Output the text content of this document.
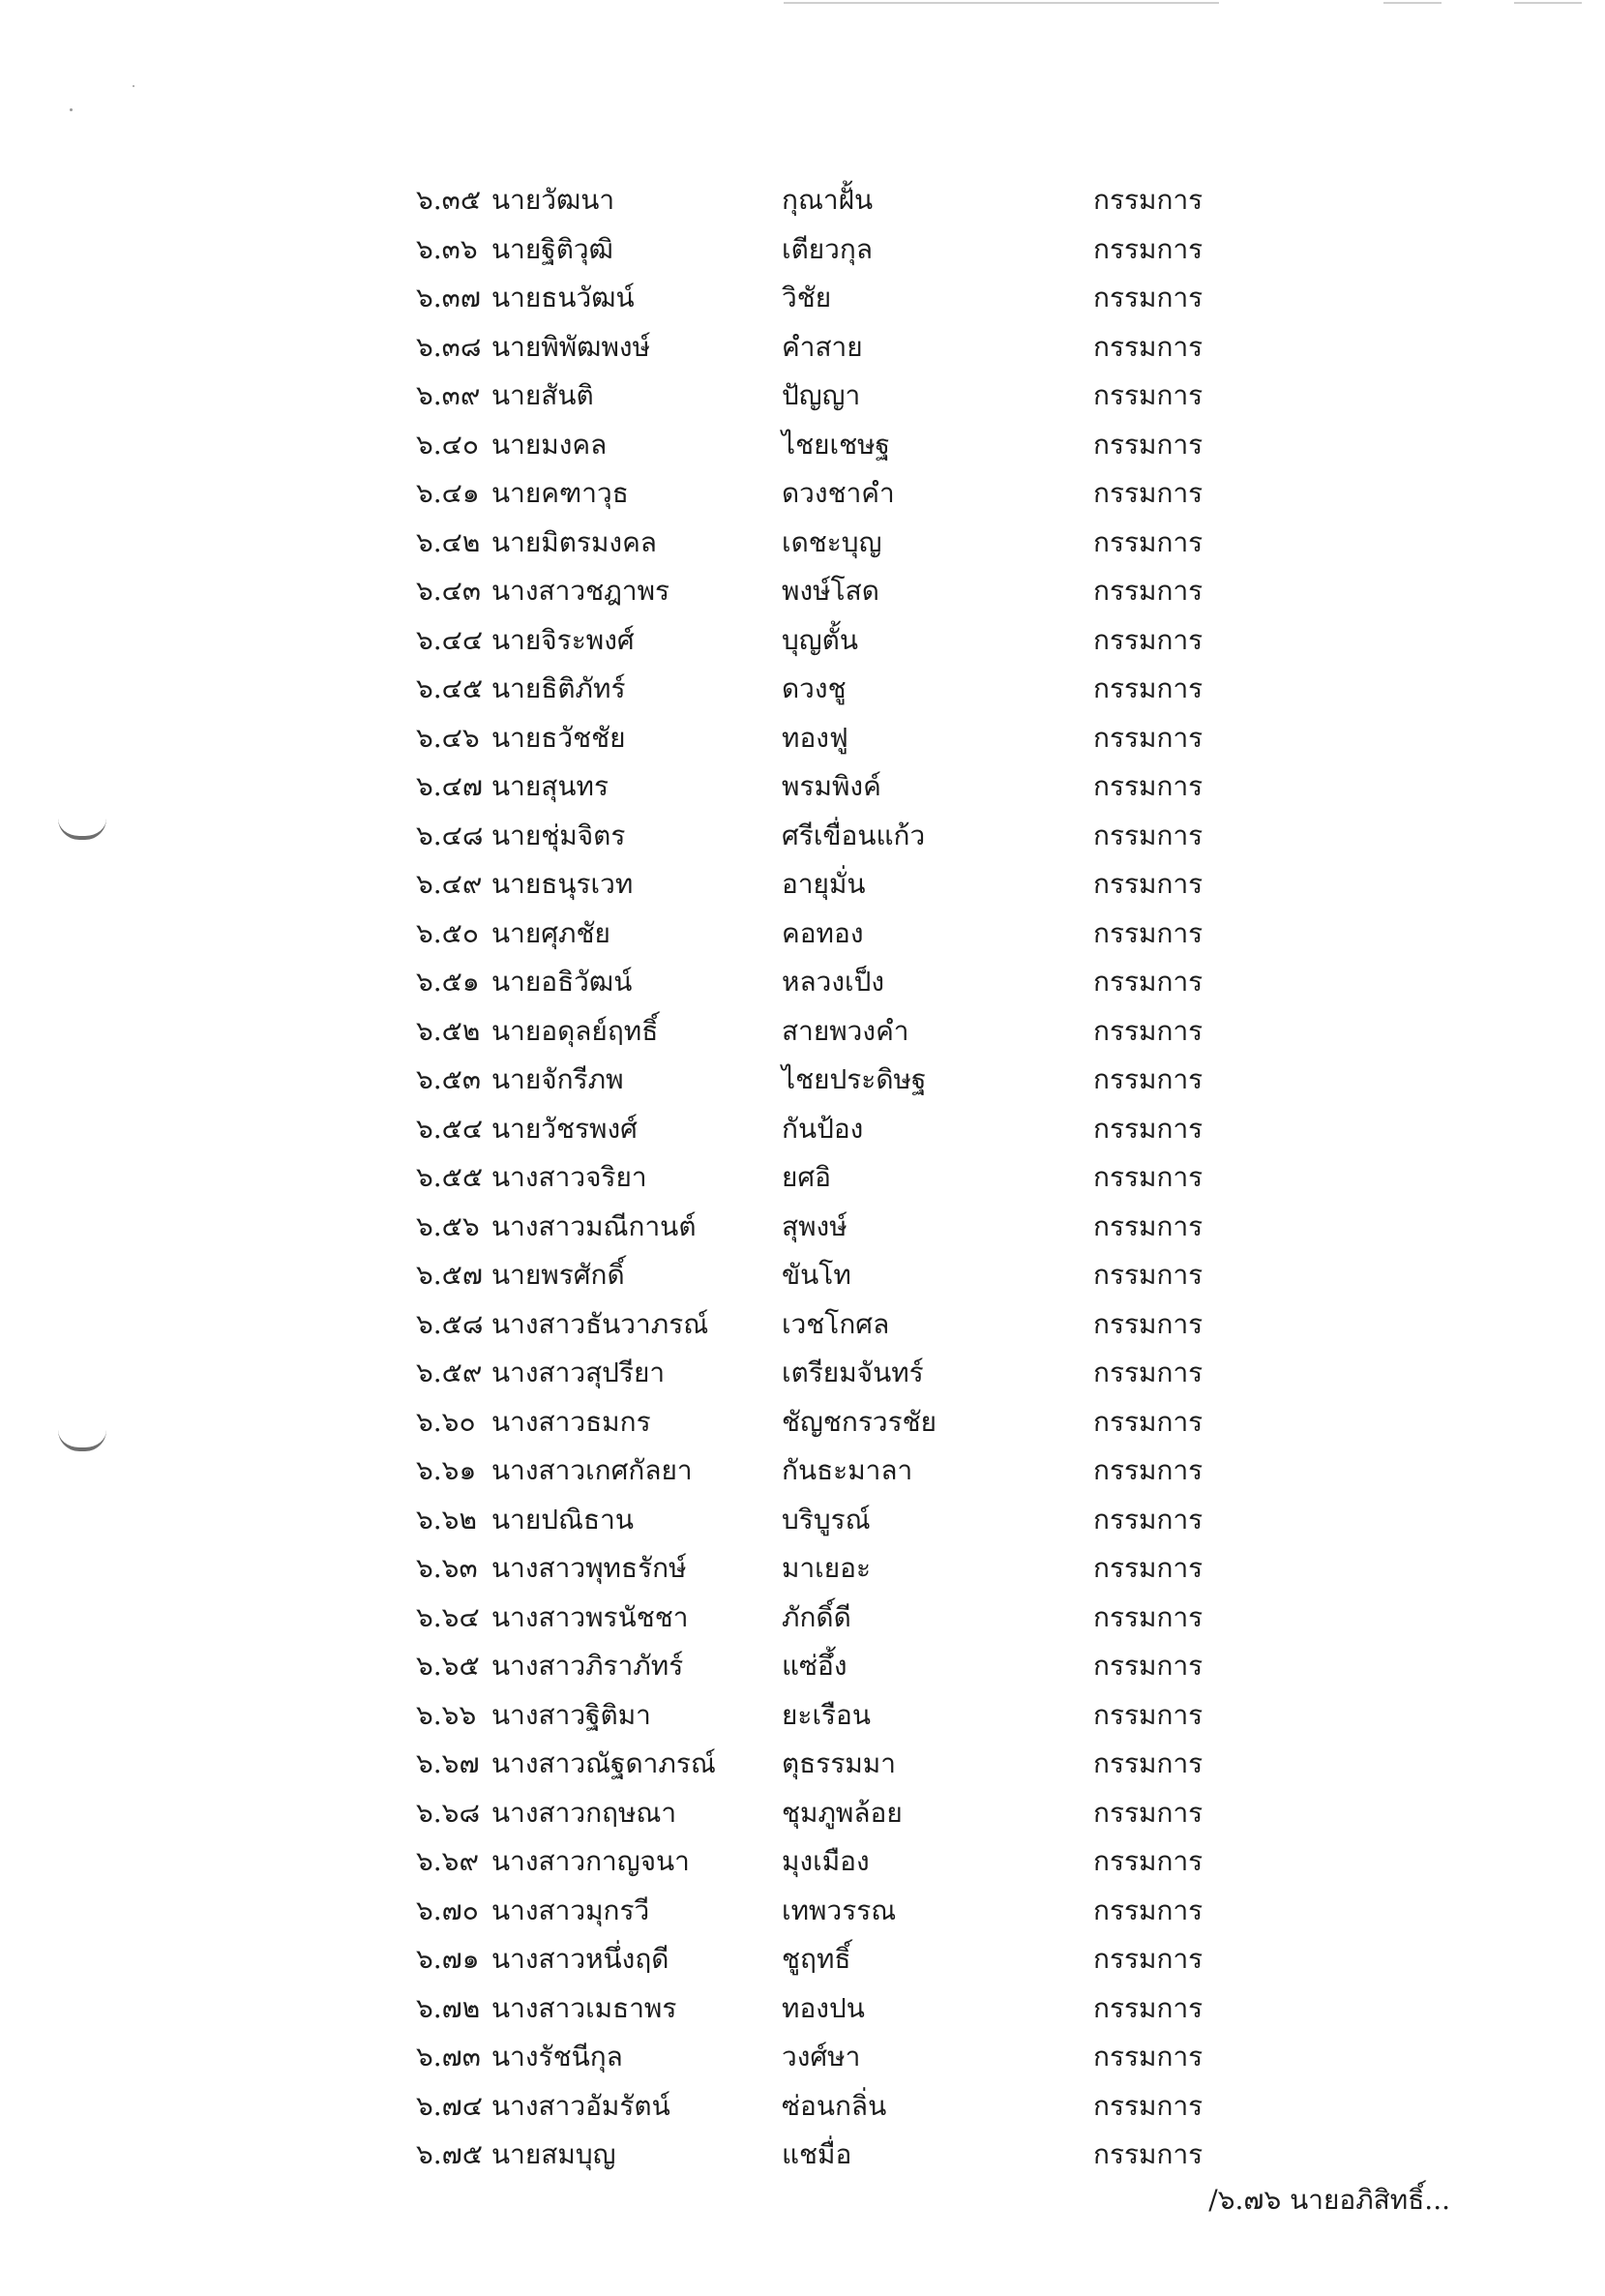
๖.๓๕ นายวัฒนา	กุณาฝั้น	กรรมการ
๖.๓๖ นายฐิติวุฒิ	เตียวกุล	กรรมการ
๖.๓๗ นายธนวัฒน์	วิชัย	กรรมการ
๖.๓๘ นายพิพัฒพงษ์	คำสาย	กรรมการ
๖.๓๙ นายสันติ	ปัญญา	กรรมการ
๖.๔๐ นายมงคล	ไชยเชษฐ	กรรมการ
๖.๔๑ นายคฑาวุธ	ดวงชาคำ	กรรมการ
๖.๔๒ นายมิตรมงคล	เดชะบุญ	กรรมการ
๖.๔๓ นางสาวชฎาพร	พงษ์โสด	กรรมการ
๖.๔๔ นายจิระพงศ์	บุญตั้น	กรรมการ
๖.๔๕ นายธิติภัทร์	ดวงชู	กรรมการ
๖.๔๖ นายธวัชชัย	ทองฟู	กรรมการ
๖.๔๗ นายสุนทร	พรมพิงค์	กรรมการ
๖.๔๘ นายชุ่มจิตร	ศรีเขื่อนแก้ว	กรรมการ
๖.๔๙ นายธนุรเวท	อายุมั่น	กรรมการ
๖.๕๐ นายศุภชัย	คอทอง	กรรมการ
๖.๕๑ นายอธิวัฒน์	หลวงเป็ง	กรรมการ
๖.๕๒ นายอดุลย์ฤทธิ์	สายพวงคำ	กรรมการ
๖.๕๓ นายจักรีภพ	ไชยประดิษฐ	กรรมการ
๖.๕๔ นายวัชรพงศ์	กันป้อง	กรรมการ
๖.๕๕ นางสาวจริยา	ยศอิ	กรรมการ
๖.๕๖ นางสาวมณีกานต์	สุพงษ์	กรรมการ
๖.๕๗ นายพรศักดิ์	ขันโท	กรรมการ
๖.๕๘ นางสาวธันวาภรณ์	เวชโกศล	กรรมการ
๖.๕๙ นางสาวสุปรียา	เตรียมจันทร์	กรรมการ
๖.๖๐ นางสาวธมกร	ชัญชกรวรชัย	กรรมการ
๖.๖๑ นางสาวเกศกัลยา	กันธะมาลา	กรรมการ
๖.๖๒ นายปณิธาน	บริบูรณ์	กรรมการ
๖.๖๓ นางสาวพุทธรักษ์	มาเยอะ	กรรมการ
๖.๖๔ นางสาวพรนัชชา	ภักดิ์ดี	กรรมการ
๖.๖๕ นางสาวภิราภัทร์	แซ่อึ้ง	กรรมการ
๖.๖๖ นางสาวฐิติมา	ยะเรือน	กรรมการ
๖.๖๗ นางสาวณัฐดาภรณ์	ตุธรรมมา	กรรมการ
๖.๖๘ นางสาวกฤษณา	ชุมภูพล้อย	กรรมการ
๖.๖๙ นางสาวกาญจนา	มุงเมือง	กรรมการ
๖.๗๐ นางสาวมุกรวี	เทพวรรณ	กรรมการ
๖.๗๑ นางสาวหนึ่งฤดี	ชูฤทธิ์	กรรมการ
๖.๗๒ นางสาวเมธาพร	ทองปน	กรรมการ
๖.๗๓ นางรัชนีกุล	วงศ์ษา	กรรมการ
๖.๗๔ นางสาวอัมรัตน์	ซ่อนกลิ่น	กรรมการ
๖.๗๕ นายสมบุญ	แชมื่อ	กรรมการ
/๖.๗๖ นายอภิสิทธิ์...
